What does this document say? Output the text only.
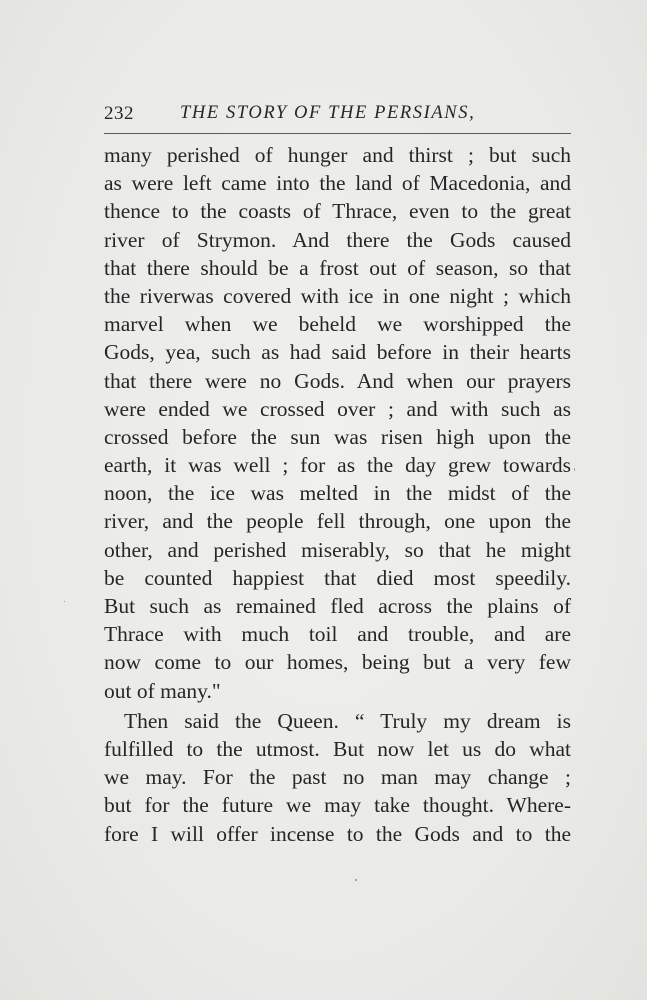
232 THE STORY OF THE PERSIANS,
many perished of hunger and thirst ; but such
as were left came into the land of Macedonia, and
thence to the coasts of Thrace, even to the great
river of Strymon. And there the Gods caused
that there should be a frost out of season, so that
the riverwas covered with ice in one night ; which
marvel when we beheld we worshipped the
Gods, yea, such as had said before in their hearts
that there were no Gods. And when our prayers
were ended we crossed over ; and with such as
crossed before the sun was risen high upon the
earth, it was well ; for as the day grew towards
noon, the ice was melted in the midst of the
river, and the people fell through, one upon the
other, and perished miserably, so that he might
be counted happiest that died most speedily.
But such as remained fled across the plains of
Thrace with much toil and trouble, and are
now come to our homes, being but a very few
out of many."
Then said the Queen. “ Truly my dream is
fulfilled to the utmost. But now let us do what
we may. For the past no man may change ;
but for the future we may take thought. Where-
fore I will offer incense to the Gods and to the
